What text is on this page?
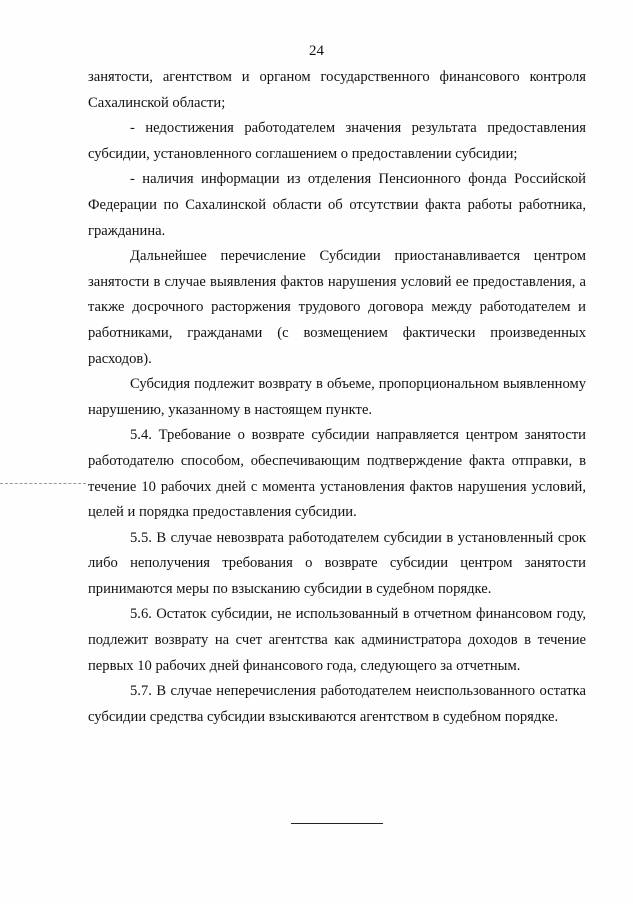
24

занятости, агентством и органом государственного финансового контроля Сахалинской области;

- недостижения работодателем значения результата предоставления субсидии, установленного соглашением о предоставлении субсидии;

- наличия информации из отделения Пенсионного фонда Российской Федерации по Сахалинской области об отсутствии факта работы работника, гражданина.

Дальнейшее перечисление Субсидии приостанавливается центром занятости в случае выявления фактов нарушения условий ее предоставления, а также досрочного расторжения трудового договора между работодателем и работниками, гражданами (с возмещением фактически произведенных расходов).

Субсидия подлежит возврату в объеме, пропорциональном выявленному нарушению, указанному в настоящем пункте.

5.4. Требование о возврате субсидии направляется центром занятости работодателю способом, обеспечивающим подтверждение факта отправки, в течение 10 рабочих дней с момента установления фактов нарушения условий, целей и порядка предоставления субсидии.

5.5. В случае невозврата работодателем субсидии в установленный срок либо неполучения требования о возврате субсидии центром занятости принимаются меры по взысканию субсидии в судебном порядке.

5.6. Остаток субсидии, не использованный в отчетном финансовом году, подлежит возврату на счет агентства как администратора доходов в течение первых 10 рабочих дней финансового года, следующего за отчетным.

5.7. В случае неперечисления работодателем неиспользованного остатка субсидии средства субсидии взыскиваются агентством в судебном порядке.
